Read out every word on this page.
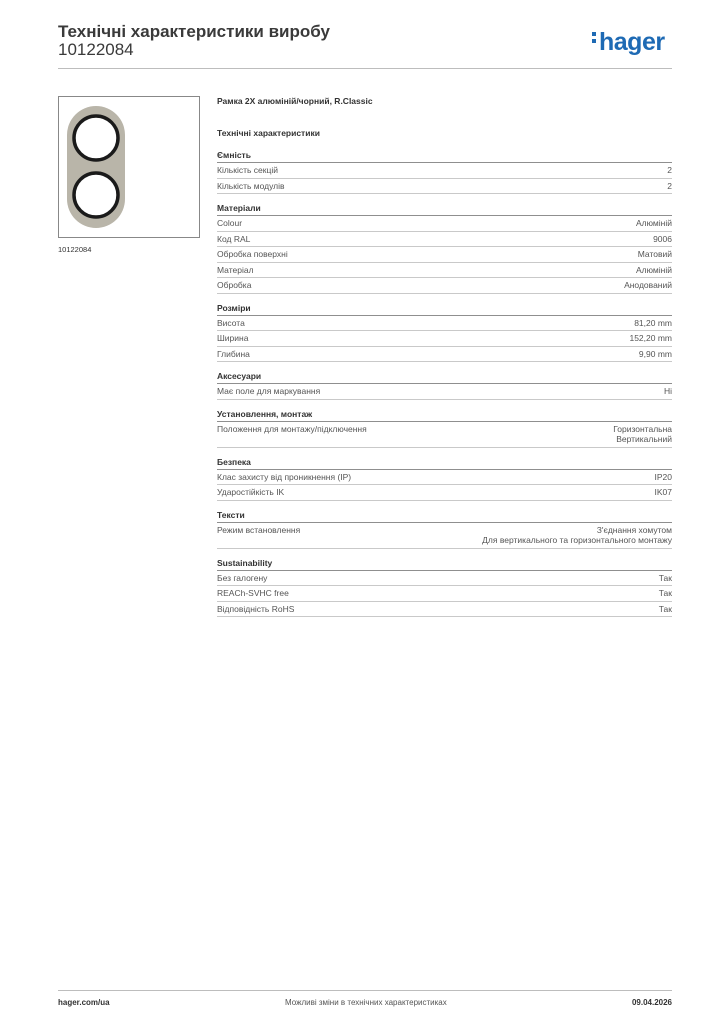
Технічні характеристики виробу
10122084	hager
10122084
Рамка 2X алюміній/чорний, R.Classic
Технічні характеристики
Ємність
Кількість секцій	2
Кількість модулів	2
Матеріали
Colour	Алюміній
Код RAL	9006
Обробка поверхні	Матовий
Матеріал	Алюміній
Обробка	Анодований
Розміри
Висота	81,20 mm
Ширина	152,20 mm
Глибина	9,90 mm
Аксесуари
Має поле для маркування	Ні
Установлення, монтаж
Положення для монтажу/підключення	Горизонтальна
Вертикальний
Безпека
Клас захисту від проникнення (IP)	IP20
Ударостійкість IK	IK07
Тексти
Режим встановлення	З'єднання хомутом
Для вертикального та горизонтального монтажу
Sustainability
Без галогену	Так
REACh-SVHC free	Так
Відповідність RoHS	Так
hager.com/ua	Можливі зміни в технічних характеристиках	09.04.2026
